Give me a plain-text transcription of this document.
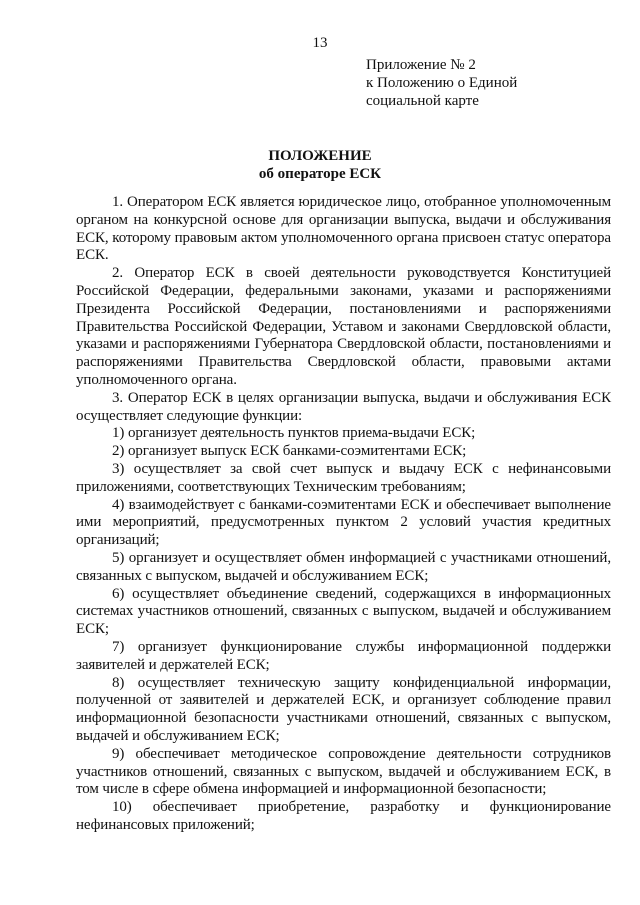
13
Приложение № 2
к Положению о Единой
социальной карте
ПОЛОЖЕНИЕ
об операторе ЕСК

1. Оператором ЕСК является юридическое лицо, отобранное уполномоченным органом на конкурсной основе для организации выпуска, выдачи и обслуживания ЕСК, которому правовым актом уполномоченного органа присвоен статус оператора ЕСК.

2. Оператор ЕСК в своей деятельности руководствуется Конституцией Российской Федерации, федеральными законами, указами и распоряжениями Президента Российской Федерации, постановлениями и распоряжениями Правительства Российской Федерации, Уставом и законами Свердловской области, указами и распоряжениями Губернатора Свердловской области, постановлениями и распоряжениями Правительства Свердловской области, правовыми актами уполномоченного органа.

3. Оператор ЕСК в целях организации выпуска, выдачи и обслуживания ЕСК осуществляет следующие функции:

1) организует деятельность пунктов приема-выдачи ЕСК;

2) организует выпуск ЕСК банками-соэмитентами ЕСК;

3) осуществляет за свой счет выпуск и выдачу ЕСК с нефинансовыми приложениями, соответствующих Техническим требованиям;

4) взаимодействует с банками-соэмитентами ЕСК и обеспечивает выполнение ими мероприятий, предусмотренных пунктом 2 условий участия кредитных организаций;

5) организует и осуществляет обмен информацией с участниками отношений, связанных с выпуском, выдачей и обслуживанием ЕСК;

6) осуществляет объединение сведений, содержащихся в информационных системах участников отношений, связанных с выпуском, выдачей и обслуживанием ЕСК;

7) организует функционирование службы информационной поддержки заявителей и держателей ЕСК;

8) осуществляет техническую защиту конфиденциальной информации, полученной от заявителей и держателей ЕСК, и организует соблюдение правил информационной безопасности участниками отношений, связанных с выпуском, выдачей и обслуживанием ЕСК;

9) обеспечивает методическое сопровождение деятельности сотрудников участников отношений, связанных с выпуском, выдачей и обслуживанием ЕСК, в том числе в сфере обмена информацией и информационной безопасности;

10) обеспечивает приобретение, разработку и функционирование нефинансовых приложений;
